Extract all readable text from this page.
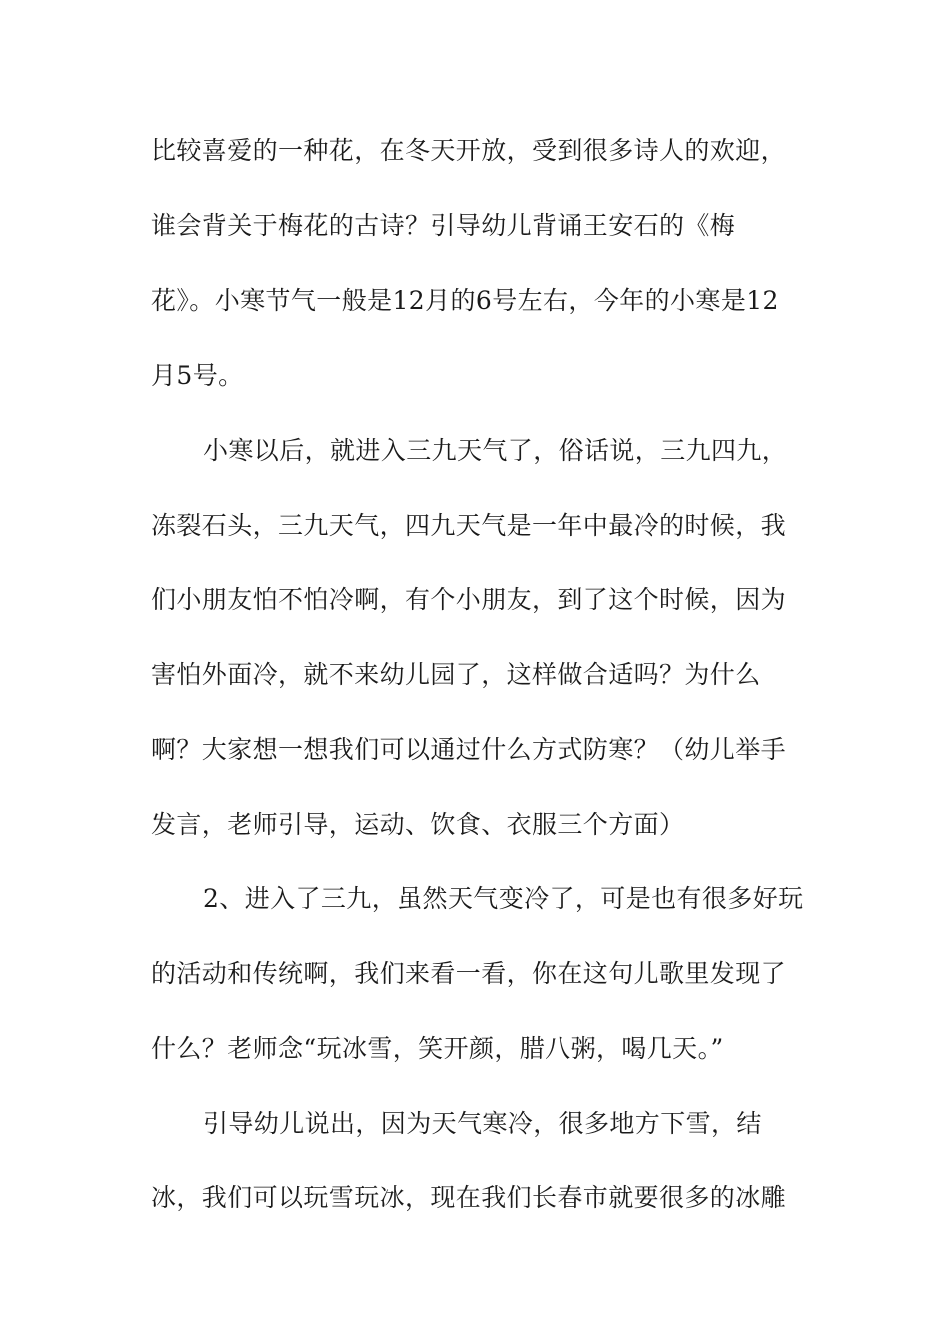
比较喜爱的一种花，在冬天开放，受到很多诗人的欢迎，
谁会背关于梅花的古诗？引导幼儿背诵王安石的《梅
花》。小寒节气一般是12月的6号左右，今年的小寒是12
月5号。
小寒以后，就进入三九天气了，俗话说，三九四九，
冻裂石头，三九天气，四九天气是一年中最冷的时候，我
们小朋友怕不怕冷啊，有个小朋友，到了这个时候，因为
害怕外面冷，就不来幼儿园了，这样做合适吗？为什么
啊？大家想一想我们可以通过什么方式防寒？（幼儿举手
发言，老师引导，运动、饮食、衣服三个方面）
2、进入了三九，虽然天气变冷了，可是也有很多好玩
的活动和传统啊，我们来看一看，你在这句儿歌里发现了
什么？老师念“玩冰雪，笑开颜，腊八粥，喝几天。”
引导幼儿说出，因为天气寒冷，很多地方下雪，结
冰，我们可以玩雪玩冰，现在我们长春市就要很多的冰雕
